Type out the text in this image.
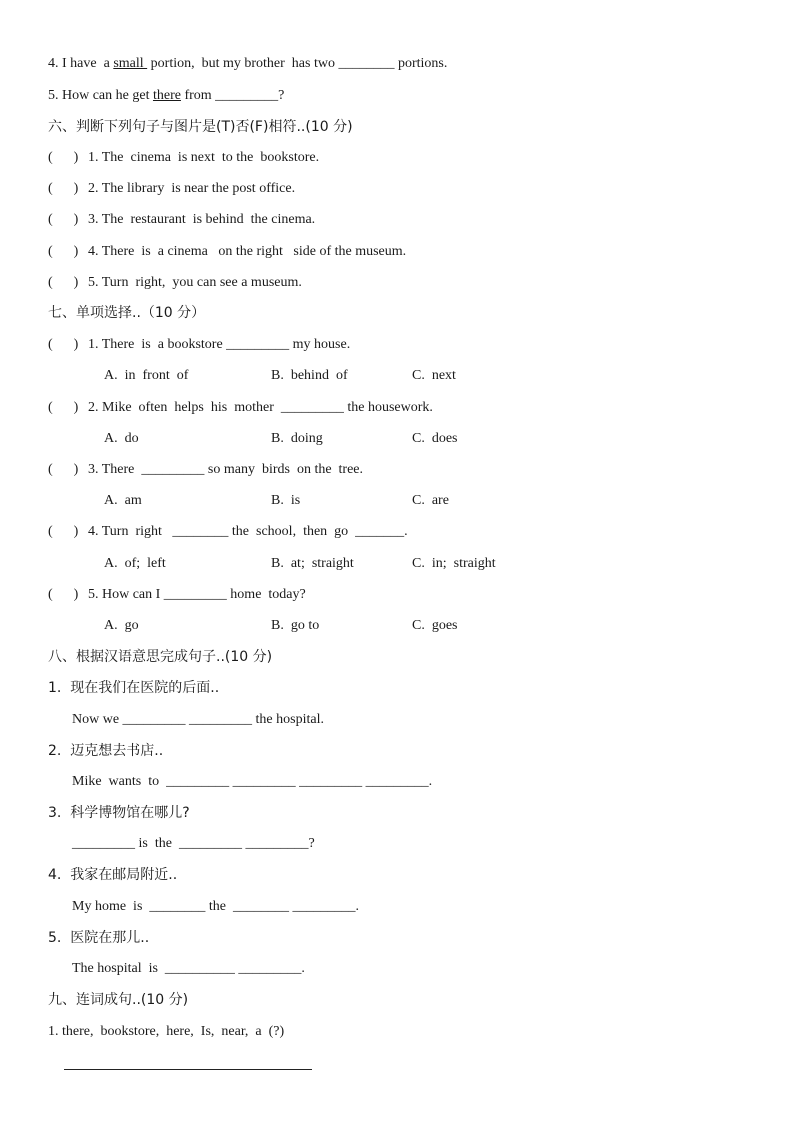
4. I have  a small  portion,  but my brother  has two ________ portions.
5. How can he get there from _________?
六、判断下列句子与图片是(T)否(F)相符..(10 分)
(      ) 1. The  cinema  is next  to the  bookstore.
(      ) 2. The library  is near the post office.
(      ) 3. The  restaurant  is behind  the cinema.
(      ) 4. There  is  a cinema   on the right   side of the museum.
(      ) 5. Turn  right,  you can see a museum.
七、单项选择..（10 分）
(      ) 1. There  is  a bookstore _________ my house.
A.  in  front  of	B.  behind  of	C.  next
(      ) 2. Mike  often  helps  his  mother  _________ the housework.
A.  do	B.  doing	C.  does
(      ) 3. There  _________ so many  birds  on the  tree.
A.  am	B.  is	C.  are
(      ) 4. Turn  right   ________ the  school,  then  go  _______.
A.  of;  left	B.  at;  straight	C.  in;  straight
(      ) 5. How can I _________ home  today?
A.  go	B.  go to	C.  goes
八、根据汉语意思完成句子..(10 分)
1.  现在我们在医院的后面..
Now we _________ _________ the hospital.
2.  迈克想去书店..
Mike  wants  to  _________ _________ _________ _________.
3.  科学博物馆在哪儿?
_________ is  the  _________ _________?
4.  我家在邮局附近..
My home  is  ________ the  ________ _________.
5.  医院在那儿..
The hospital  is  __________ _________.
九、连词成句..(10 分)
1. there,  bookstore,  here,  Is,  near,  a  (?)
